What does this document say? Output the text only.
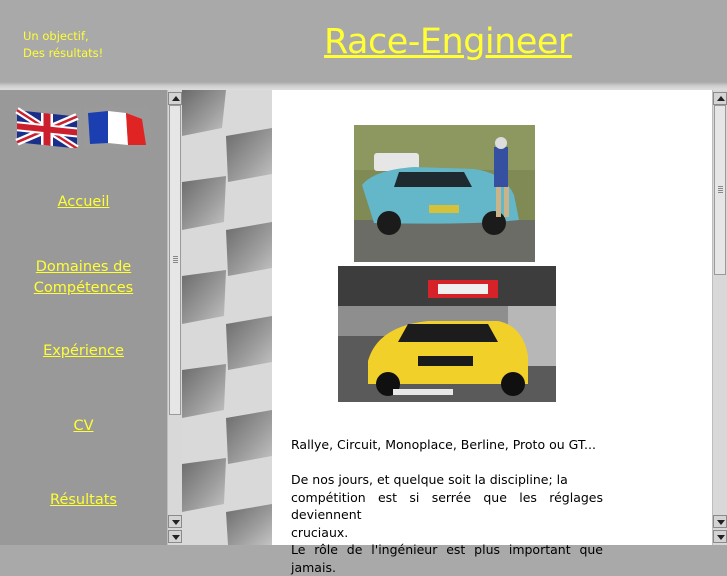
Un objectif,
Des résultats!	Race-Engineer
Accueil
Domaines de
Compétences
Expérience
CV
Résultats
Rallye, Circuit, Monoplace, Berline, Proto ou GT...
De nos jours, et quelque soit la discipline; la
compétition est si serrée que les réglages deviennent
cruciaux.
Le rôle de l'ingénieur est plus important que jamais.
